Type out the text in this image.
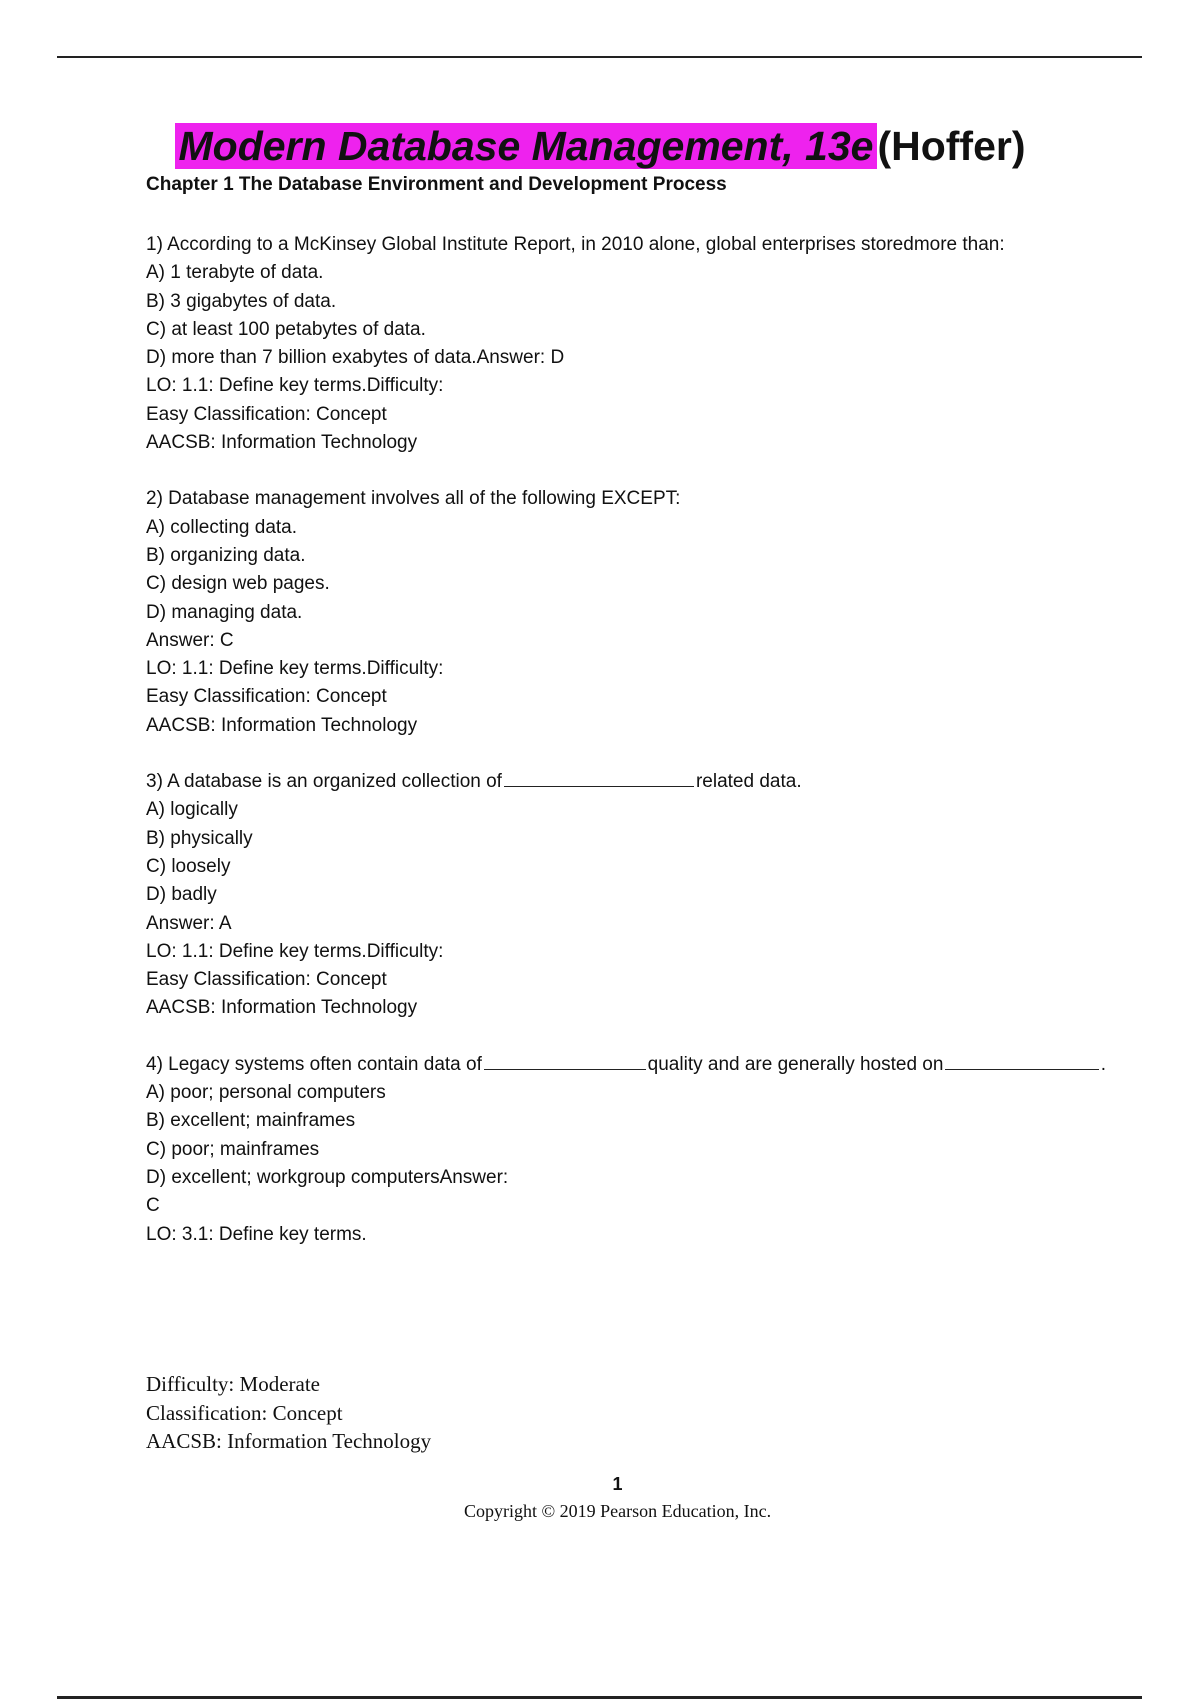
Modern Database Management, 13e(Hoffer)
Chapter 1 The Database Environment and Development Process
1) According to a McKinsey Global Institute Report, in 2010 alone, global enterprises storedmore than:
A) 1 terabyte of data.
B) 3 gigabytes of data.
C) at least 100 petabytes of data.
D) more than 7 billion exabytes of data.Answer: D
LO: 1.1: Define key terms.Difficulty:
Easy Classification: Concept
AACSB: Information Technology
2) Database management involves all of the following EXCEPT:
A) collecting data.
B) organizing data.
C) design web pages.
D) managing data.
Answer: C
LO: 1.1: Define key terms.Difficulty:
Easy Classification: Concept
AACSB: Information Technology
3) A database is an organized collection of	related data.
A) logically
B) physically
C) loosely
D) badly
Answer: A
LO: 1.1: Define key terms.Difficulty:
Easy Classification: Concept
AACSB: Information Technology
4) Legacy systems often contain data of	quality and are generally hosted on	.
A) poor; personal computers
B) excellent; mainframes
C) poor; mainframes
D) excellent; workgroup computersAnswer:
C
LO: 3.1: Define key terms.
Difficulty: Moderate
Classification: Concept
AACSB: Information Technology
1
Copyright © 2019 Pearson Education, Inc.
